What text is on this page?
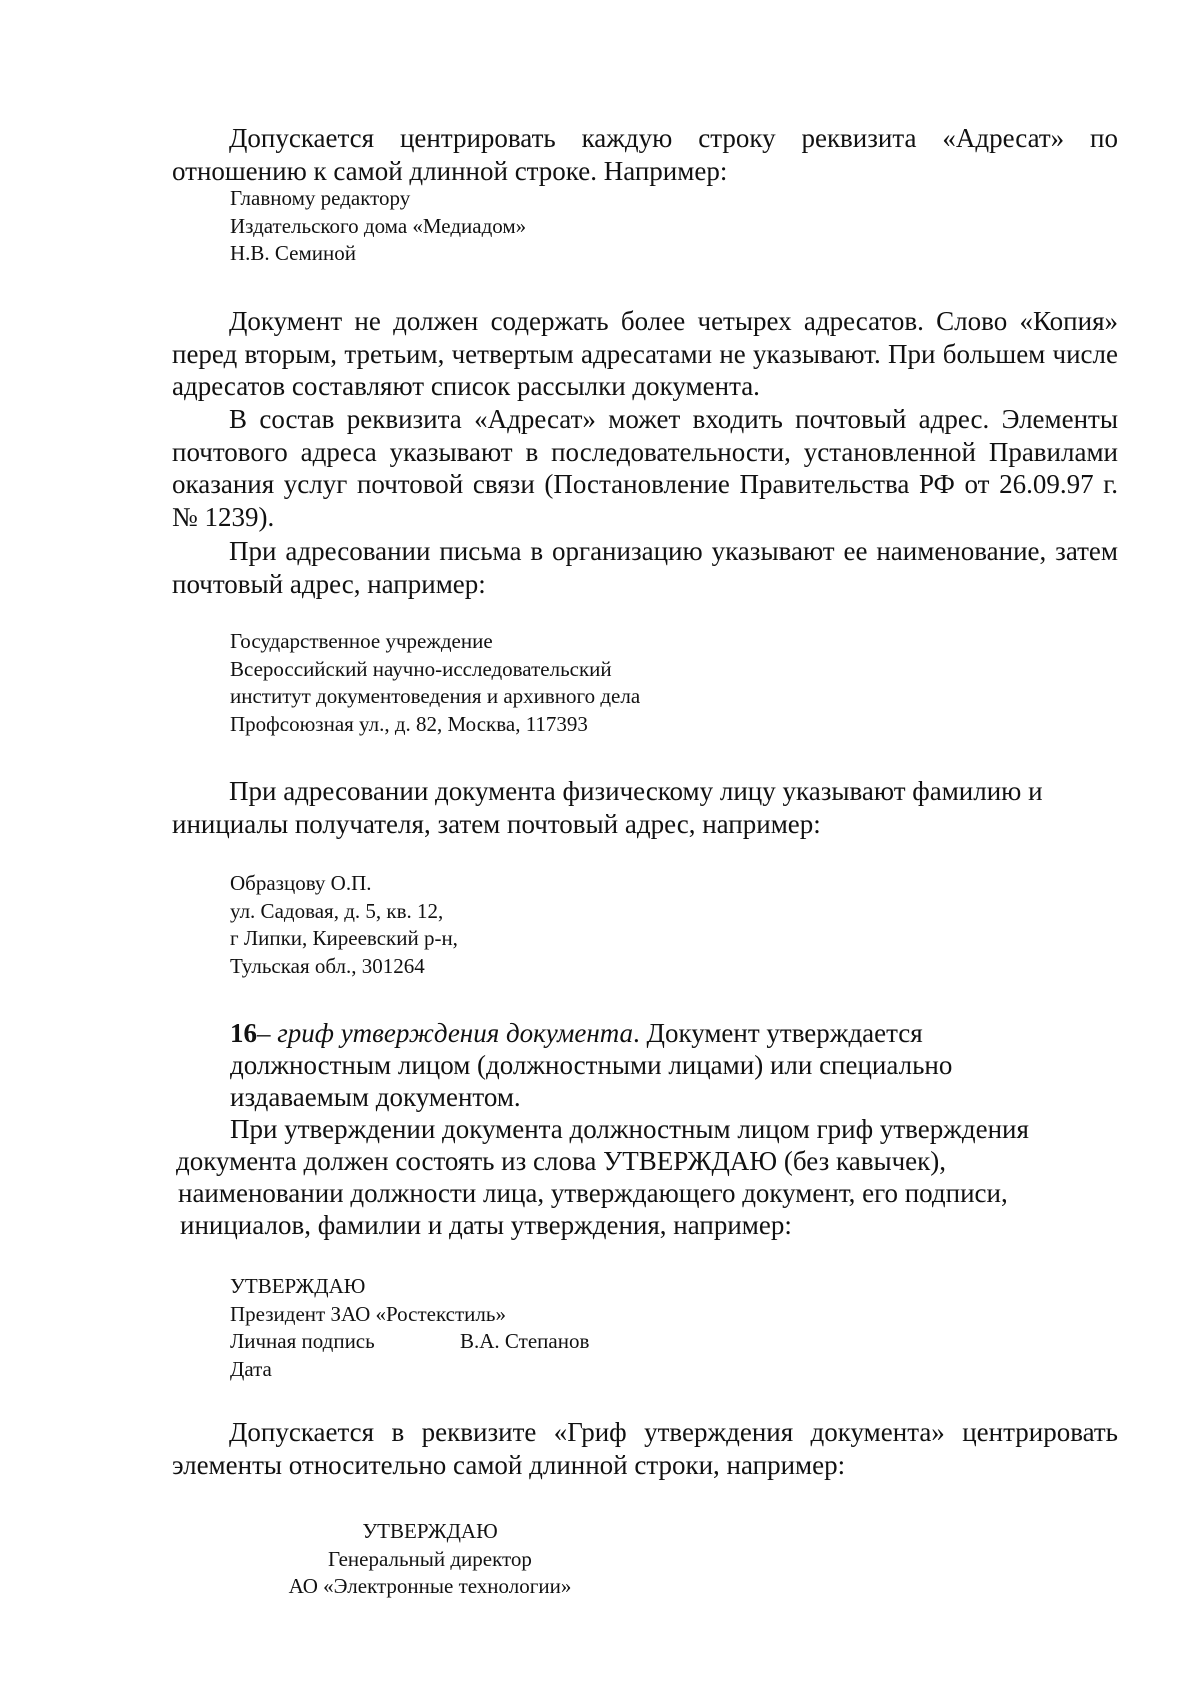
Допускается центрировать каждую строку реквизита «Адресат» по отношению к самой длинной строке. Например:
Главному редактору
Издательского дома «Медиадом»
Н.В. Семиной
Документ не должен содержать более четырех адресатов. Слово «Копия» перед вторым, третьим, четвертым адресатами не указывают. При большем числе адресатов составляют список рассылки документа.
В состав реквизита «Адресат» может входить почтовый адрес. Элементы почтового адреса указывают в последовательности, установленной Правилами оказания услуг почтовой связи (Постановление Правительства РФ от 26.09.97 г. № 1239).
При адресовании письма в организацию указывают ее наименование, затем почтовый адрес, например:
Государственное учреждение
Всероссийский научно-исследовательский
институт документоведения и архивного дела
Профсоюзная ул., д. 82, Москва, 117393
При адресовании документа физическому лицу указывают фамилию и инициалы получателя, затем почтовый адрес, например:
Образцову О.П.
ул. Садовая, д. 5, кв. 12,
г Липки, Киреевский р-н,
Тульская обл., 301264
16– гриф утверждения документа. Документ утверждается
должностным лицом (должностными лицами) или специально
издаваемым документом.
При утверждении документа должностным лицом гриф утверждения
документа должен состоять из слова УТВЕРЖДАЮ (без кавычек),
наименовании должности лица, утверждающего документ, его подписи,
инициалов, фамилии и даты утверждения, например:
УТВЕРЖДАЮ
Президент ЗАО «Ростекстиль»
Личная подпись	В.А. Степанов
Дата
Допускается в реквизите «Гриф утверждения документа» центрировать элементы относительно самой длинной строки, например:
УТВЕРЖДАЮ
Генеральный директор
АО «Электронные технологии»
